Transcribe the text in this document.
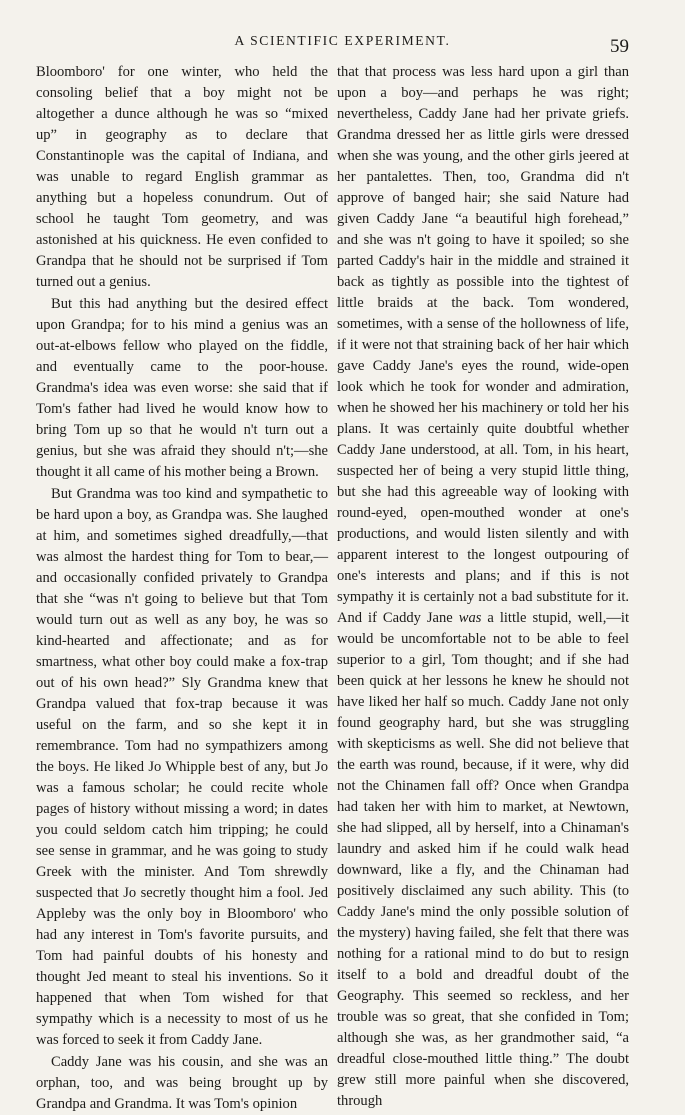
A SCIENTIFIC EXPERIMENT.	59

Bloomboro' for one winter, who held the consoling belief that a boy might not be altogether a dunce although he was so “mixed up” in geography as to declare that Constantinople was the capital of Indiana, and was unable to regard English grammar as anything but a hopeless conundrum. Out of school he taught Tom geometry, and was astonished at his quickness. He even confided to Grandpa that he should not be surprised if Tom turned out a genius.

But this had anything but the desired effect upon Grandpa; for to his mind a genius was an out-at-elbows fellow who played on the fiddle, and eventually came to the poor-house. Grandma's idea was even worse: she said that if Tom's father had lived he would know how to bring Tom up so that he would n't turn out a genius, but she was afraid they should n't;—she thought it all came of his mother being a Brown.

But Grandma was too kind and sympathetic to be hard upon a boy, as Grandpa was. She laughed at him, and sometimes sighed dreadfully,—that was almost the hardest thing for Tom to bear,—and occasionally confided privately to Grandpa that she “was n't going to believe but that Tom would turn out as well as any boy, he was so kind-hearted and affectionate; and as for smartness, what other boy could make a fox-trap out of his own head?” Sly Grandma knew that Grandpa valued that fox-trap because it was useful on the farm, and so she kept it in remembrance. Tom had no sympathizers among the boys. He liked Jo Whipple best of any, but Jo was a famous scholar; he could recite whole pages of history without missing a word; in dates you could seldom catch him tripping; he could see sense in grammar, and he was going to study Greek with the minister. And Tom shrewdly suspected that Jo secretly thought him a fool. Jed Appleby was the only boy in Bloomboro' who had any interest in Tom's favorite pursuits, and Tom had painful doubts of his honesty and thought Jed meant to steal his inventions. So it happened that when Tom wished for that sympathy which is a necessity to most of us he was forced to seek it from Caddy Jane.

Caddy Jane was his cousin, and she was an orphan, too, and was being brought up by Grandpa and Grandma. It was Tom's opinion

that that process was less hard upon a girl than upon a boy—and perhaps he was right; nevertheless, Caddy Jane had her private griefs. Grandma dressed her as little girls were dressed when she was young, and the other girls jeered at her pantalettes. Then, too, Grandma did n't approve of banged hair; she said Nature had given Caddy Jane “a beautiful high forehead,” and she was n't going to have it spoiled; so she parted Caddy's hair in the middle and strained it back as tightly as possible into the tightest of little braids at the back. Tom wondered, sometimes, with a sense of the hollowness of life, if it were not that straining back of her hair which gave Caddy Jane's eyes the round, wide-open look which he took for wonder and admiration, when he showed her his machinery or told her his plans. It was certainly quite doubtful whether Caddy Jane understood, at all. Tom, in his heart, suspected her of being a very stupid little thing, but she had this agreeable way of looking with round-eyed, open-mouthed wonder at one's productions, and would listen silently and with apparent interest to the longest outpouring of one's interests and plans; and if this is not sympathy it is certainly not a bad substitute for it. And if Caddy Jane was a little stupid, well,—it would be uncomfortable not to be able to feel superior to a girl, Tom thought; and if she had been quick at her lessons he knew he should not have liked her half so much. Caddy Jane not only found geography hard, but she was struggling with skepticisms as well. She did not believe that the earth was round, because, if it were, why did not the Chinamen fall off? Once when Grandpa had taken her with him to market, at Newtown, she had slipped, all by herself, into a Chinaman's laundry and asked him if he could walk head downward, like a fly, and the Chinaman had positively disclaimed any such ability. This (to Caddy Jane's mind the only possible solution of the mystery) having failed, she felt that there was nothing for a rational mind to do but to resign itself to a bold and dreadful doubt of the Geography. This seemed so reckless, and her trouble was so great, that she confided in Tom; although she was, as her grandmother said, “a dreadful close-mouthed little thing.” The doubt grew still more painful when she discovered, through
